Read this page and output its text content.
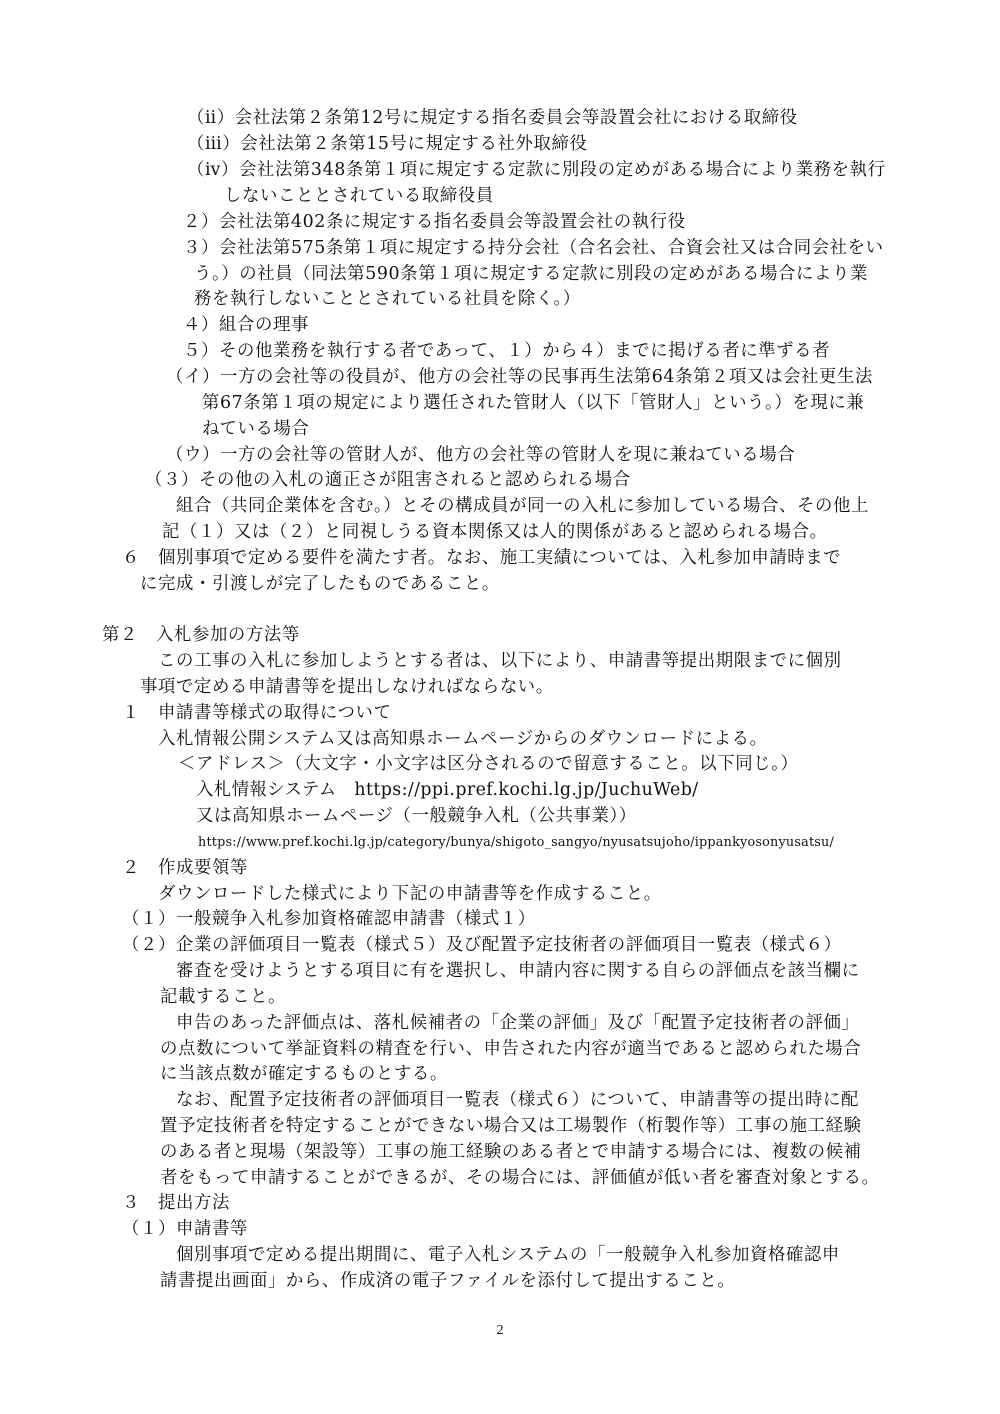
（ⅱ）会社法第２条第12号に規定する指名委員会等設置会社における取締役
（ⅲ）会社法第２条第15号に規定する社外取締役
（ⅳ）会社法第348条第１項に規定する定款に別段の定めがある場合により業務を執行
しないこととされている取締役員
２）会社法第402条に規定する指名委員会等設置会社の執行役
３）会社法第575条第１項に規定する持分会社（合名会社、合資会社又は合同会社をい
う。）の社員（同法第590条第１項に規定する定款に別段の定めがある場合により業
務を執行しないこととされている社員を除く。）
４）組合の理事
５）その他業務を執行する者であって、１）から４）までに掲げる者に準ずる者
（イ）一方の会社等の役員が、他方の会社等の民事再生法第64条第２項又は会社更生法
第67条第１項の規定により選任された管財人（以下「管財人」という。）を現に兼
ねている場合
（ウ）一方の会社等の管財人が、他方の会社等の管財人を現に兼ねている場合
（３）その他の入札の適正さが阻害されると認められる場合
組合（共同企業体を含む。）とその構成員が同一の入札に参加している場合、その他上
記（１）又は（２）と同視しうる資本関係又は人的関係があると認められる場合。
６　個別事項で定める要件を満たす者。なお、施工実績については、入札参加申請時まで
に完成・引渡しが完了したものであること。
第２　入札参加の方法等
この工事の入札に参加しようとする者は、以下により、申請書等提出期限までに個別
事項で定める申請書等を提出しなければならない。
１　申請書等様式の取得について
入札情報公開システム又は高知県ホームページからのダウンロードによる。
＜アドレス＞（大文字・小文字は区分されるので留意すること。以下同じ。）
入札情報システム　https://ppi.pref.kochi.lg.jp/JuchuWeb/
又は高知県ホームページ（一般競争入札（公共事業））
https://www.pref.kochi.lg.jp/category/bunya/shigoto_sangyo/nyusatsujoho/ippankyosonyusatsu/
２　作成要領等
ダウンロードした様式により下記の申請書等を作成すること。
（１）一般競争入札参加資格確認申請書（様式１）
（２）企業の評価項目一覧表（様式５）及び配置予定技術者の評価項目一覧表（様式６）
審査を受けようとする項目に有を選択し、申請内容に関する自らの評価点を該当欄に
記載すること。
申告のあった評価点は、落札候補者の「企業の評価」及び「配置予定技術者の評価」
の点数について挙証資料の精査を行い、申告された内容が適当であると認められた場合
に当該点数が確定するものとする。
なお、配置予定技術者の評価項目一覧表（様式６）について、申請書等の提出時に配
置予定技術者を特定することができない場合又は工場製作（桁製作等）工事の施工経験
のある者と現場（架設等）工事の施工経験のある者とで申請する場合には、複数の候補
者をもって申請することができるが、その場合には、評価値が低い者を審査対象とする。
３　提出方法
（１）申請書等
個別事項で定める提出期間に、電子入札システムの「一般競争入札参加資格確認申
請書提出画面」から、作成済の電子ファイルを添付して提出すること。
2
